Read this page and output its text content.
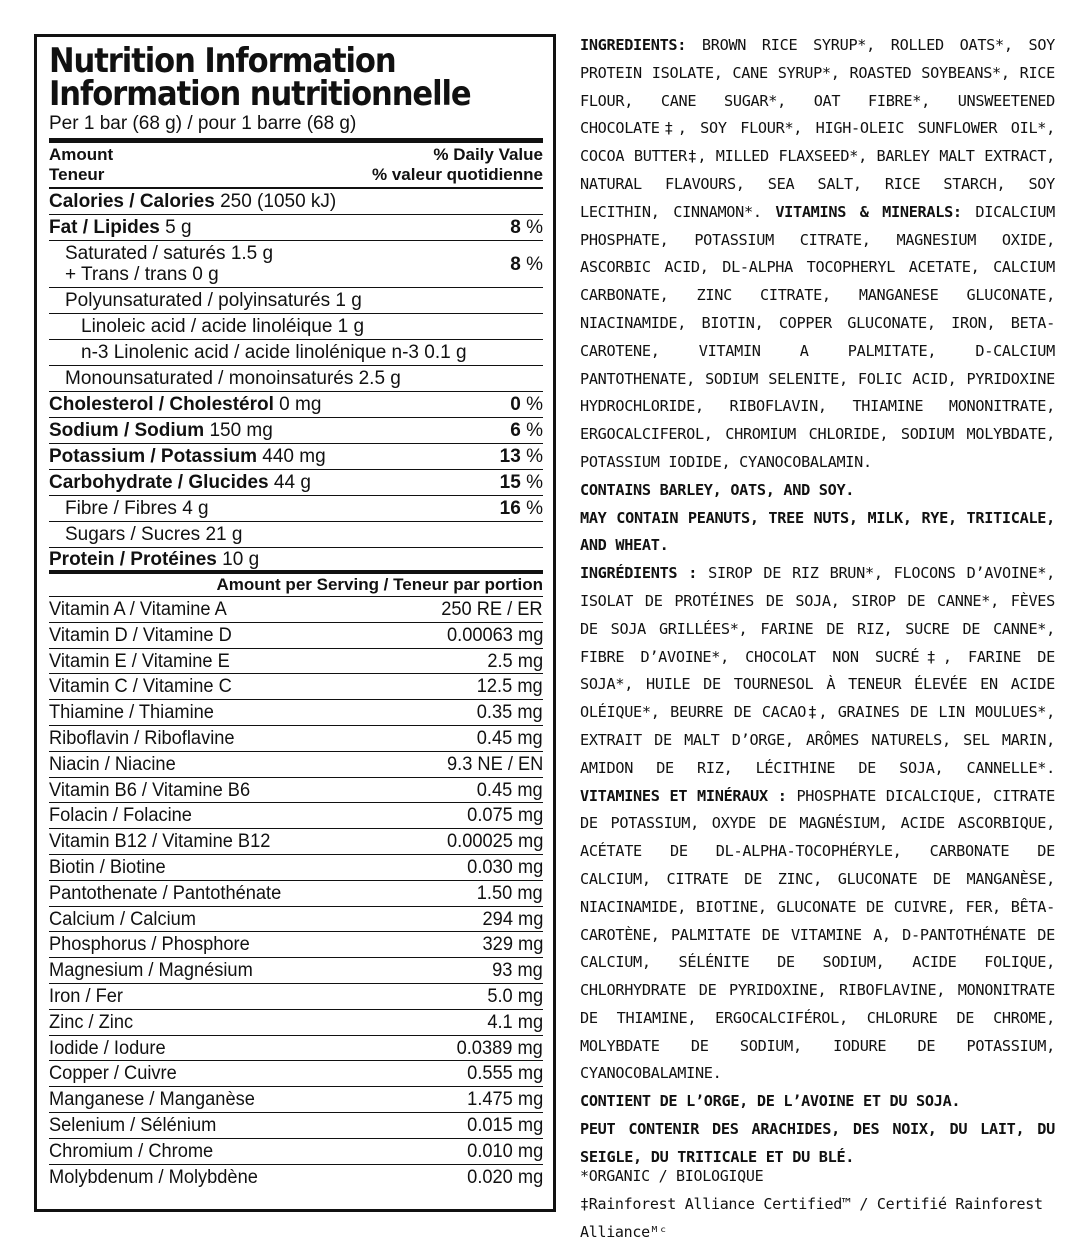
Nutrition Information
Information nutritionnelle
Per 1 bar (68 g) / pour 1 barre (68 g)
Amount	% Daily Value
Teneur	% valeur quotidienne
Calories / Calories 250 (1050 kJ)
Fat / Lipides 5 g	8 %
Saturated / saturés 1.5 g
+ Trans / trans 0 g	8 %
Polyunsaturated / polyinsaturés 1 g
Linoleic acid / acide linoléique 1 g
n-3 Linolenic acid / acide linolénique n-3 0.1 g
Monounsaturated / monoinsaturés 2.5 g
Cholesterol / Cholestérol 0 mg	0 %
Sodium / Sodium 150 mg	6 %
Potassium / Potassium 440 mg	13 %
Carbohydrate / Glucides 44 g	15 %
Fibre / Fibres 4 g	16 %
Sugars / Sucres 21 g
Protein / Protéines 10 g
Amount per Serving / Teneur par portion
Vitamin A / Vitamine A	250 RE / ER
Vitamin D / Vitamine D	0.00063 mg
Vitamin E / Vitamine E	2.5 mg
Vitamin C / Vitamine C	12.5 mg
Thiamine / Thiamine	0.35 mg
Riboflavin / Riboflavine	0.45 mg
Niacin / Niacine	9.3 NE / EN
Vitamin B6 / Vitamine B6	0.45 mg
Folacin / Folacine	0.075 mg
Vitamin B12 / Vitamine B12	0.00025 mg
Biotin / Biotine	0.030 mg
Pantothenate / Pantothénate	1.50 mg
Calcium / Calcium	294 mg
Phosphorus / Phosphore	329 mg
Magnesium / Magnésium	93 mg
Iron / Fer	5.0 mg
Zinc / Zinc	4.1 mg
Iodide / Iodure	0.0389 mg
Copper / Cuivre	0.555 mg
Manganese / Manganèse	1.475 mg
Selenium / Sélénium	0.015 mg
Chromium / Chrome	0.010 mg
Molybdenum / Molybdène	0.020 mg

INGREDIENTS: BROWN RICE SYRUP*, ROLLED OATS*, SOY PROTEIN ISOLATE, CANE SYRUP*, ROASTED SOYBEANS*, RICE FLOUR, CANE SUGAR*, OAT FIBRE*, UNSWEETENED CHOCOLATE‡, SOY FLOUR*, HIGH-OLEIC SUNFLOWER OIL*, COCOA BUTTER‡, MILLED FLAXSEED*, BARLEY MALT EXTRACT, NATURAL FLAVOURS, SEA SALT, RICE STARCH, SOY LECITHIN, CINNAMON*. VITAMINS & MINERALS: DICALCIUM PHOSPHATE, POTASSIUM CITRATE, MAGNESIUM OXIDE, ASCORBIC ACID, DL-ALPHA TOCOPHERYL ACETATE, CALCIUM CARBONATE, ZINC CITRATE, MANGANESE GLUCONATE, NIACINAMIDE, BIOTIN, COPPER GLUCONATE, IRON, BETA-CAROTENE, VITAMIN A PALMITATE, D-CALCIUM PANTOTHENATE, SODIUM SELENITE, FOLIC ACID, PYRIDOXINE HYDROCHLORIDE, RIBOFLAVIN, THIAMINE MONONITRATE, ERGOCALCIFEROL, CHROMIUM CHLORIDE, SODIUM MOLYBDATE, POTASSIUM IODIDE, CYANOCOBALAMIN.

CONTAINS BARLEY, OATS, AND SOY.

MAY CONTAIN PEANUTS, TREE NUTS, MILK, RYE, TRITICALE, AND WHEAT.

INGRÉDIENTS : SIROP DE RIZ BRUN*, FLOCONS D’AVOINE*, ISOLAT DE PROTÉINES DE SOJA, SIROP DE CANNE*, FÈVES DE SOJA GRILLÉES*, FARINE DE RIZ, SUCRE DE CANNE*, FIBRE D’AVOINE*, CHOCOLAT NON SUCRÉ‡, FARINE DE SOJA*, HUILE DE TOURNESOL À TENEUR ÉLEVÉE EN ACIDE OLÉIQUE*, BEURRE DE CACAO‡, GRAINES DE LIN MOULUES*, EXTRAIT DE MALT D’ORGE, ARÔMES NATURELS, SEL MARIN, AMIDON DE RIZ, LÉCITHINE DE SOJA, CANNELLE*. VITAMINES ET MINÉRAUX : PHOSPHATE DICALCIQUE, CITRATE DE POTASSIUM, OXYDE DE MAGNÉSIUM, ACIDE ASCORBIQUE, ACÉTATE DE DL-ALPHA-TOCOPHÉRYLE, CARBONATE DE CALCIUM, CITRATE DE ZINC, GLUCONATE DE MANGANÈSE, NIACINAMIDE, BIOTINE, GLUCONATE DE CUIVRE, FER, BÊTA-CAROTÈNE, PALMITATE DE VITAMINE A, D-PANTOTHÉNATE DE CALCIUM, SÉLÉNITE DE SODIUM, ACIDE FOLIQUE, CHLORHYDRATE DE PYRIDOXINE, RIBOFLAVINE, MONONITRATE DE THIAMINE, ERGOCALCIFÉROL, CHLORURE DE CHROME, MOLYBDATE DE SODIUM, IODURE DE POTASSIUM, CYANOCOBALAMINE.

CONTIENT DE L’ORGE, DE L’AVOINE ET DU SOJA.

PEUT CONTENIR DES ARACHIDES, DES NOIX, DU LAIT, DU SEIGLE, DU TRITICALE ET DU BLÉ.

*ORGANIC / BIOLOGIQUE
‡Rainforest Alliance Certified™ / Certifié Rainforest Allianceᴹᶜ
